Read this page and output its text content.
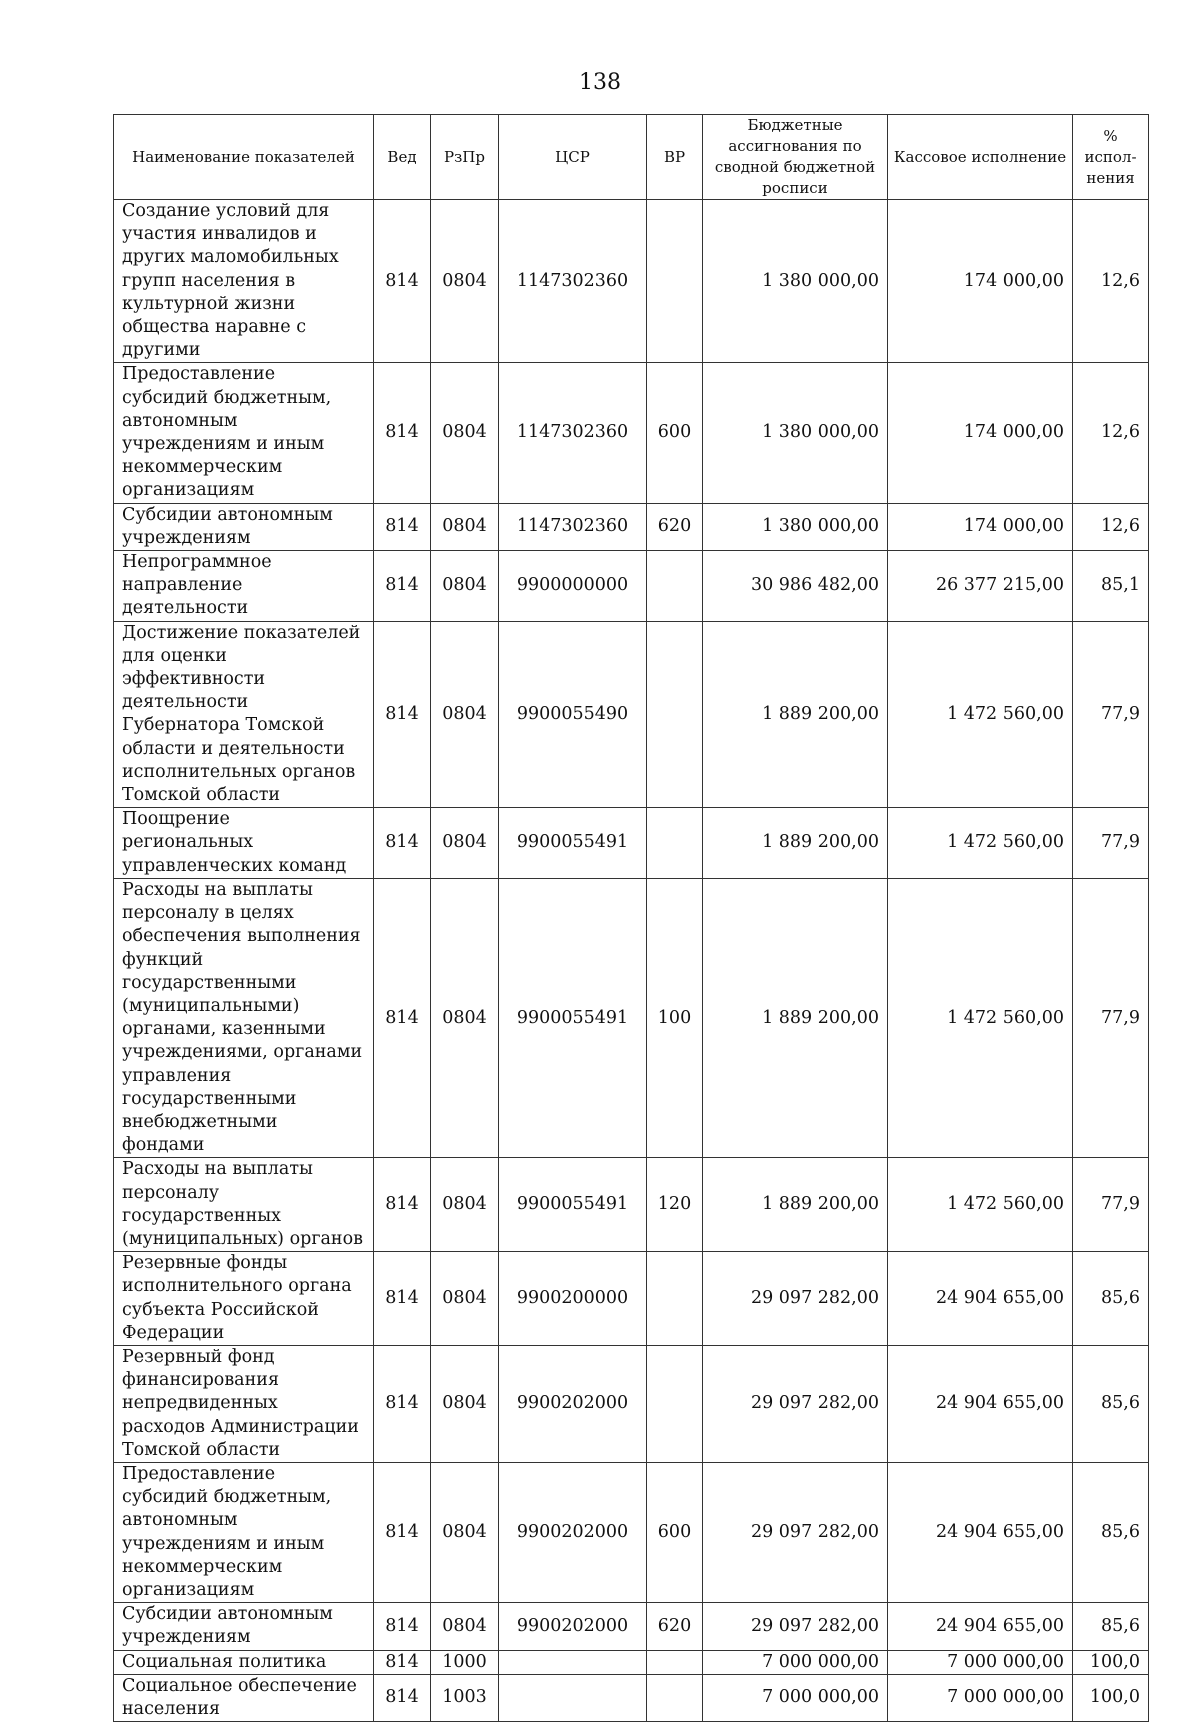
138
Наименование показателей	Вед	РзПр	ЦСР	ВР	Бюджетные ассигнования по сводной бюджетной росписи	Кассовое исполнение	% испол-нения
Создание условий для участия инвалидов и других маломобильных групп населения в культурной жизни общества наравне с другими	814	0804	1147302360		1 380 000,00	174 000,00	12,6
Предоставление субсидий бюджетным, автономным учреждениям и иным некоммерческим организациям	814	0804	1147302360	600	1 380 000,00	174 000,00	12,6
Субсидии автономным учреждениям	814	0804	1147302360	620	1 380 000,00	174 000,00	12,6
Непрограммное направление деятельности	814	0804	9900000000		30 986 482,00	26 377 215,00	85,1
Достижение показателей для оценки эффективности деятельности Губернатора Томской области и деятельности исполнительных органов Томской области	814	0804	9900055490		1 889 200,00	1 472 560,00	77,9
Поощрение региональных управленческих команд	814	0804	9900055491		1 889 200,00	1 472 560,00	77,9
Расходы на выплаты персоналу в целях обеспечения выполнения функций государственными (муниципальными) органами, казенными учреждениями, органами управления государственными внебюджетными фондами	814	0804	9900055491	100	1 889 200,00	1 472 560,00	77,9
Расходы на выплаты персоналу государственных (муниципальных) органов	814	0804	9900055491	120	1 889 200,00	1 472 560,00	77,9
Резервные фонды исполнительного органа субъекта Российской Федерации	814	0804	9900200000		29 097 282,00	24 904 655,00	85,6
Резервный фонд финансирования непредвиденных расходов Администрации Томской области	814	0804	9900202000		29 097 282,00	24 904 655,00	85,6
Предоставление субсидий бюджетным, автономным учреждениям и иным некоммерческим организациям	814	0804	9900202000	600	29 097 282,00	24 904 655,00	85,6
Субсидии автономным учреждениям	814	0804	9900202000	620	29 097 282,00	24 904 655,00	85,6
Социальная политика	814	1000			7 000 000,00	7 000 000,00	100,0
Социальное обеспечение населения	814	1003			7 000 000,00	7 000 000,00	100,0
